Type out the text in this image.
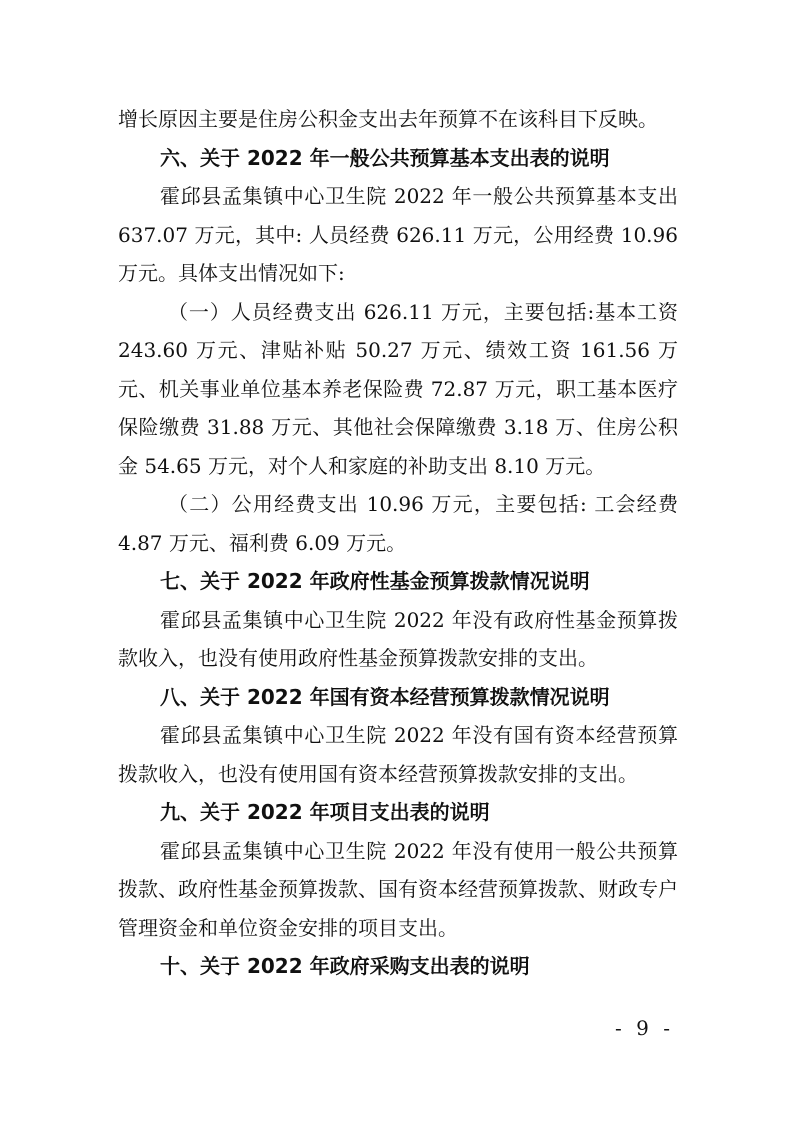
增长原因主要是住房公积金支出去年预算不在该科目下反映。

六、关于 2022 年一般公共预算基本支出表的说明

霍邱县孟集镇中心卫生院 2022 年一般公共预算基本支出 637.07 万元，其中: 人员经费 626.11 万元，公用经费 10.96 万元。具体支出情况如下:

（一）人员经费支出 626.11 万元，主要包括:基本工资 243.60 万元、津贴补贴 50.27 万元、绩效工资 161.56 万元、机关事业单位基本养老保险费 72.87 万元，职工基本医疗保险缴费 31.88 万元、其他社会保障缴费 3.18 万、住房公积金 54.65 万元，对个人和家庭的补助支出 8.10 万元。

（二）公用经费支出 10.96 万元，主要包括: 工会经费 4.87 万元、福利费 6.09 万元。

七、关于 2022 年政府性基金预算拨款情况说明

霍邱县孟集镇中心卫生院 2022 年没有政府性基金预算拨款收入，也没有使用政府性基金预算拨款安排的支出。

八、关于 2022 年国有资本经营预算拨款情况说明

霍邱县孟集镇中心卫生院 2022 年没有国有资本经营预算拨款收入，也没有使用国有资本经营预算拨款安排的支出。

九、关于 2022 年项目支出表的说明

霍邱县孟集镇中心卫生院 2022 年没有使用一般公共预算拨款、政府性基金预算拨款、国有资本经营预算拨款、财政专户管理资金和单位资金安排的项目支出。

十、关于 2022 年政府采购支出表的说明

- 9 -
